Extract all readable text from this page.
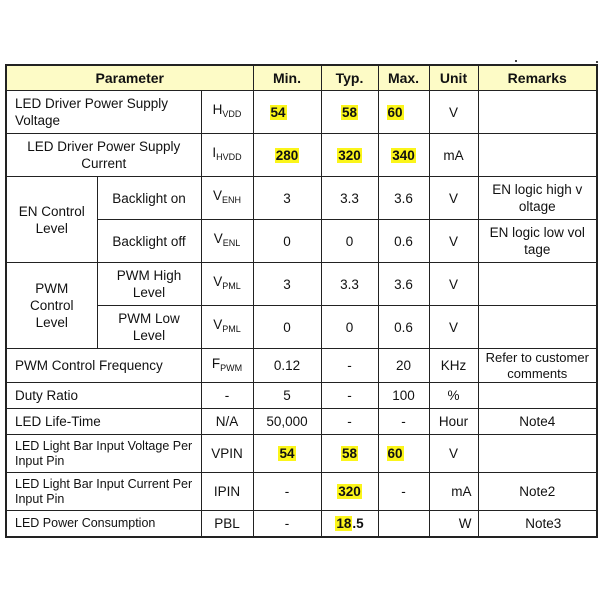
Parameter			Min.	Typ.	Max.	Unit	Remarks
LED Driver Power Supply Voltage		$H_{VDD}$	54	58	60	V	
LED Driver Power Supply Current		$I_{HVDD}$	280	320	340	mA	
EN Control Level	Backlight on	$V_{ENH}$	3	3.3	3.6	V	EN logic high v oltage
	Backlight off	$V_{ENL}$	0	0	0.6	V	EN logic low vol tage
PWM Control Level	PWM High Level	$V_{PML}$	3	3.3	3.6	V	
	PWM Low Level	$V_{PML}$	0	0	0.6	V	
PWM Control Frequency		$F_{PWM}$	0.12	-	20	KHz	Refer to customer comments
Duty Ratio		-	5	-	100	%	
LED Life-Time		N/A	50,000	-	-	Hour	Note4
LED Light Bar Input Voltage Per Input Pin		VPIN	54	58	60	V	
LED Light Bar Input Current Per Input Pin		IPIN	-	320	-	mA	Note2
LED Power Consumption		PBL	-	18.5		W	Note3
